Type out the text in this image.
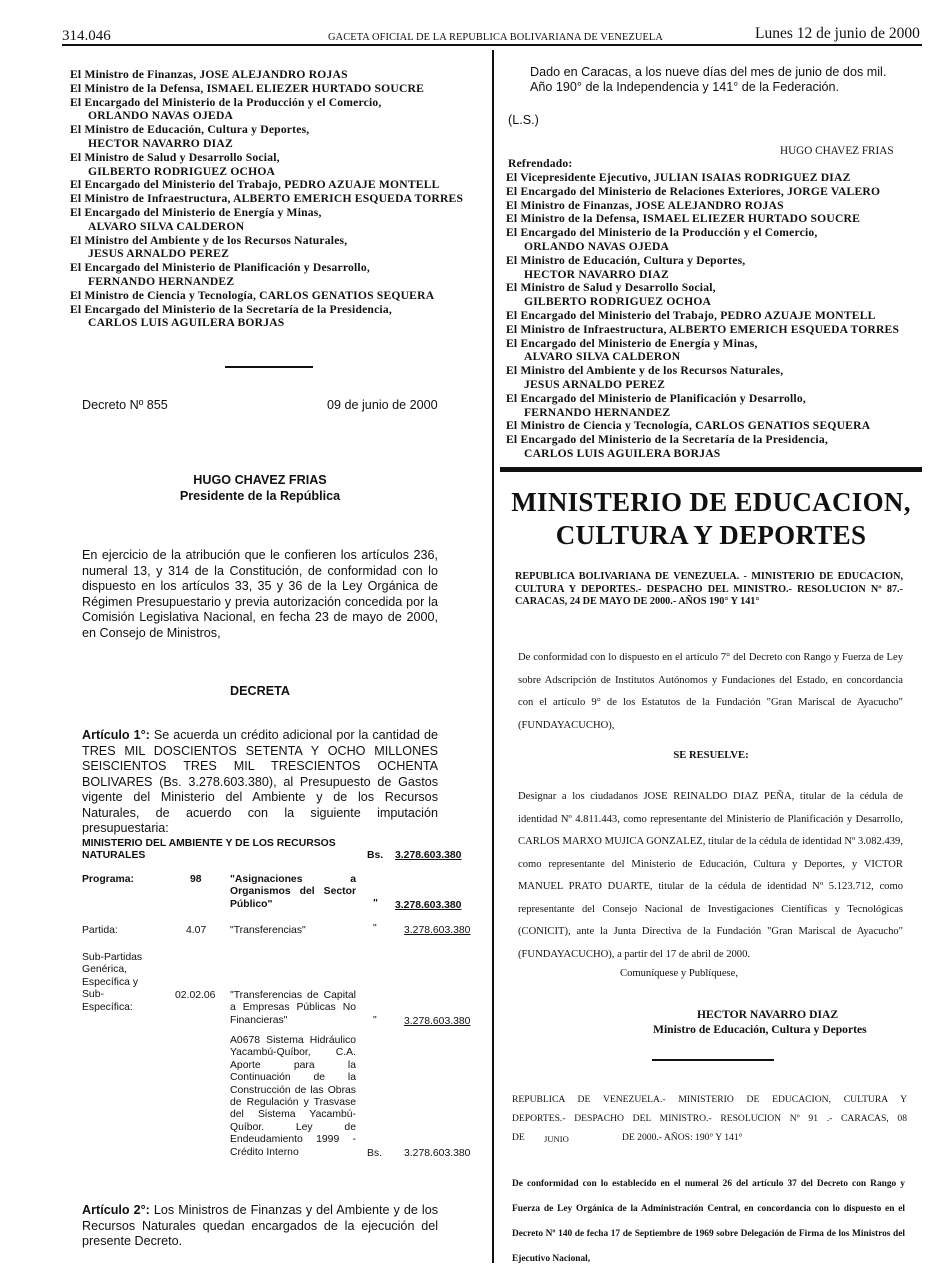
314.046	GACETA OFICIAL DE LA REPUBLICA BOLIVARIANA DE VENEZUELA	Lunes 12 de junio de 2000
El Ministro de Finanzas, JOSE ALEJANDRO ROJAS
El Ministro de la Defensa, ISMAEL ELIEZER HURTADO SOUCRE
El Encargado del Ministerio de la Producción y el Comercio,
ORLANDO NAVAS OJEDA
El Ministro de Educación, Cultura y Deportes,
HECTOR NAVARRO DIAZ
El Ministro de Salud y Desarrollo Social,
GILBERTO RODRIGUEZ OCHOA
El Encargado del Ministerio del Trabajo, PEDRO AZUAJE MONTELL
El Ministro de Infraestructura, ALBERTO EMERICH ESQUEDA TORRES
El Encargado del Ministerio de Energía y Minas,
ALVARO SILVA CALDERON
El Ministro del Ambiente y de los Recursos Naturales,
JESUS ARNALDO PEREZ
El Encargado del Ministerio de Planificación y Desarrollo,
FERNANDO HERNANDEZ
El Ministro de Ciencia y Tecnología, CARLOS GENATIOS SEQUERA
El Encargado del Ministerio de la Secretaría de la Presidencia,
CARLOS LUIS AGUILERA BORJAS
Decreto Nº 855	09 de junio de 2000
HUGO CHAVEZ FRIAS
Presidente de la República
En ejercicio de la atribución que le confieren los artículos 236, numeral 13, y 314 de la Constitución, de conformidad con lo dispuesto en los artículos 33, 35 y 36 de la Ley Orgánica de Régimen Presupuestario y previa autorización concedida por la Comisión Legislativa Nacional, en fecha 23 de mayo de 2000, en Consejo de Ministros,
DECRETA
Artículo 1°: Se acuerda un crédito adicional por la cantidad de TRES MIL DOSCIENTOS SETENTA Y OCHO MILLONES SEISCIENTOS TRES MIL TRESCIENTOS OCHENTA BOLIVARES (Bs. 3.278.603.380), al Presupuesto de Gastos vigente del Ministerio del Ambiente y de los Recursos Naturales, de acuerdo con la siguiente imputación presupuestaria:
MINISTERIO DEL AMBIENTE Y DE LOS RECURSOS
NATURALES	Bs. 3.278.603.380
Programa:	98	"Asignaciones a Organismos del Sector Público"	" 3.278.603.380
Partida:	4.07 "Transferencias"	"	3.278.603.380
Sub-Partidas Genérica, Específica y Sub-Específica:
02.02.06 "Transferencias de Capital a Empresas Públicas No Financieras"	"	3.278.603.380
A0678 Sistema Hidráulico Yacambú-Quíbor, C.A. Aporte para la Continuación de la Construcción de las Obras de Regulación y Trasvase del Sistema Yacambú-Quíbor. Ley de Endeudamiento 1999 - Crédito Interno	Bs. 3.278.603.380
Artículo 2°: Los Ministros de Finanzas y del Ambiente y de los Recursos Naturales quedan encargados de la ejecución del presente Decreto.
Dado en Caracas, a los nueve días del mes de junio de dos mil.
Año 190° de la Independencia y 141° de la Federación.
(L.S.)
HUGO CHAVEZ FRIAS
Refrendado:
El Vicepresidente Ejecutivo, JULIAN ISAIAS RODRIGUEZ DIAZ
El Encargado del Ministerio de Relaciones Exteriores, JORGE VALERO
El Ministro de Finanzas, JOSE ALEJANDRO ROJAS
El Ministro de la Defensa, ISMAEL ELIEZER HURTADO SOUCRE
El Encargado del Ministerio de la Producción y el Comercio,
ORLANDO NAVAS OJEDA
El Ministro de Educación, Cultura y Deportes,
HECTOR NAVARRO DIAZ
El Ministro de Salud y Desarrollo Social,
GILBERTO RODRIGUEZ OCHOA
El Encargado del Ministerio del Trabajo, PEDRO AZUAJE MONTELL
El Ministro de Infraestructura, ALBERTO EMERICH ESQUEDA TORRES
El Encargado del Ministerio de Energía y Minas,
ALVARO SILVA CALDERON
El Ministro del Ambiente y de los Recursos Naturales,
JESUS ARNALDO PEREZ
El Encargado del Ministerio de Planificación y Desarrollo,
FERNANDO HERNANDEZ
El Ministro de Ciencia y Tecnología, CARLOS GENATIOS SEQUERA
El Encargado del Ministerio de la Secretaría de la Presidencia,
CARLOS LUIS AGUILERA BORJAS
MINISTERIO DE EDUCACION,
CULTURA Y DEPORTES
REPUBLICA BOLIVARIANA DE VENEZUELA. - MINISTERIO DE EDUCACION, CULTURA Y DEPORTES.- DESPACHO DEL MINISTRO.- RESOLUCION Nº 87.- CARACAS, 24 DE MAYO DE 2000.- AÑOS 190° Y 141°
De conformidad con lo dispuesto en el artículo 7° del Decreto con Rango y Fuerza de Ley sobre Adscripción de Institutos Autónomos y Fundaciones del Estado, en concordancia con el artículo 9° de los Estatutos de la Fundación "Gran Mariscal de Ayacucho" (FUNDAYACUCHO),
SE RESUELVE:
Designar a los ciudadanos JOSE REINALDO DIAZ PEÑA, titular de la cédula de identidad Nº 4.811.443, como representante del Ministerio de Planificación y Desarrollo, CARLOS MARXO MUJICA GONZALEZ, titular de la cédula de identidad Nº 3.082.439, como representante del Ministerio de Educación, Cultura y Deportes, y VICTOR MANUEL PRATO DUARTE, titular de la cédula de identidad Nº 5.123.712, como representante del Consejo Nacional de Investigaciones Científicas y Tecnológicas (CONICIT), ante la Junta Directiva de la Fundación "Gran Mariscal de Ayacucho" (FUNDAYACUCHO), a partir del 17 de abril de 2000.
Comuníquese y Publíquese,
HECTOR NAVARRO DIAZ
Ministro de Educación, Cultura y Deportes
REPUBLICA DE VENEZUELA.- MINISTERIO DE EDUCACION, CULTURA Y
DEPORTES.- DESPACHO DEL MINISTRO.- RESOLUCION Nº 91 .- CARACAS, 08
DE JUNIO	DE 2000.- AÑOS: 190° Y 141°
De conformidad con lo establecido en el numeral 26 del artículo 37 del Decreto con Rango y Fuerza de Ley Orgánica de la Administración Central, en concordancia con lo dispuesto en el Decreto Nº 140 de fecha 17 de Septiembre de 1969 sobre Delegación de Firma de los Ministros del Ejecutivo Nacional,
